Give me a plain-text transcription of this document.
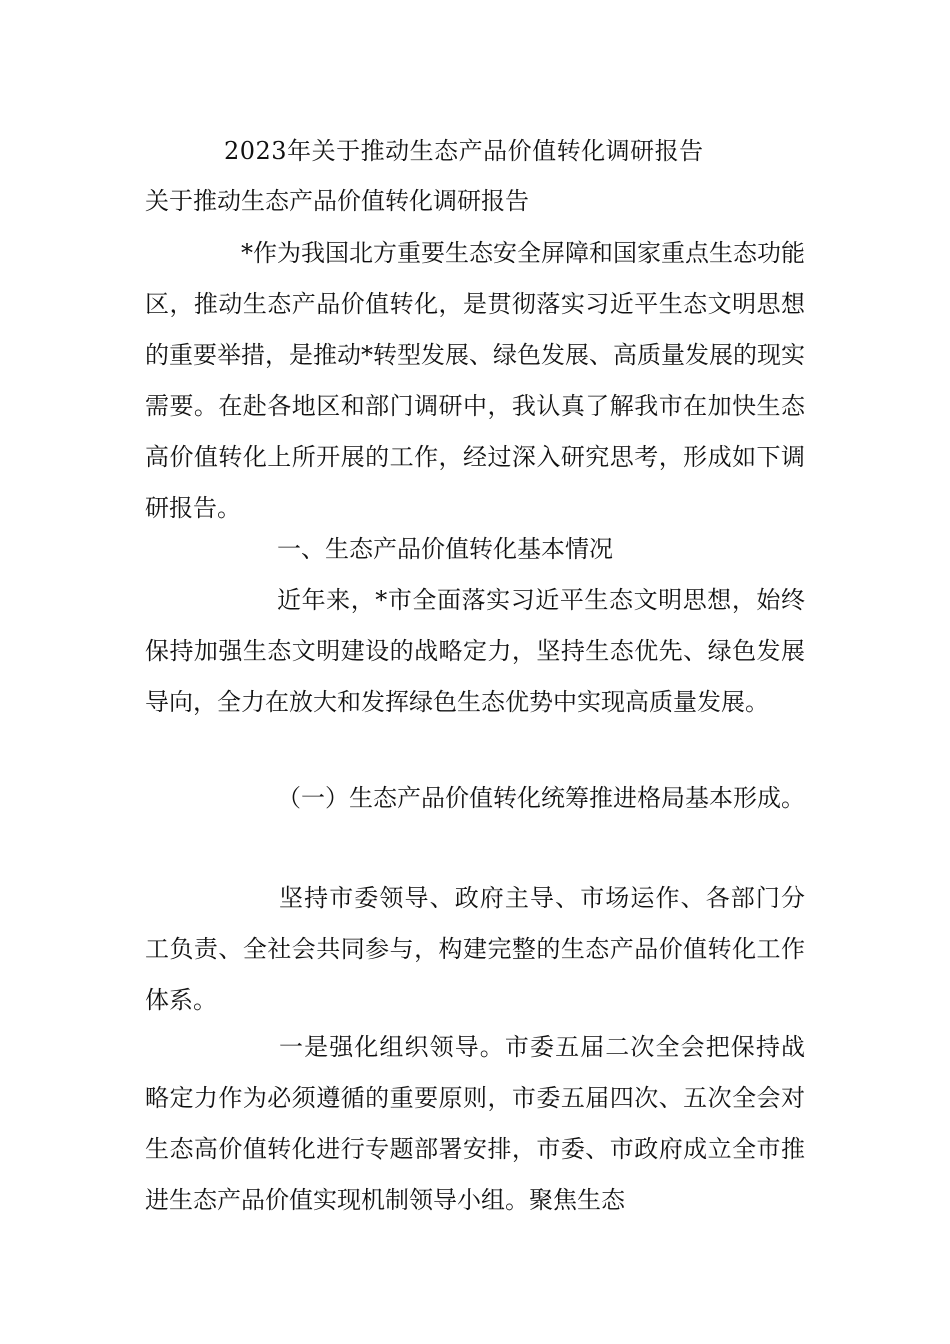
2023年关于推动生态产品价值转化调研报告
关于推动生态产品价值转化调研报告

*作为我国北方重要生态安全屏障和国家重点生态功能区，推动生态产品价值转化，是贯彻落实习近平生态文明思想的重要举措，是推动*转型发展、绿色发展、高质量发展的现实需要。在赴各地区和部门调研中，我认真了解我市在加快生态高价值转化上所开展的工作，经过深入研究思考，形成如下调研报告。

一、生态产品价值转化基本情况

近年来，*市全面落实习近平生态文明思想，始终保持加强生态文明建设的战略定力，坚持生态优先、绿色发展导向，全力在放大和发挥绿色生态优势中实现高质量发展。

（一）生态产品价值转化统筹推进格局基本形成。

坚持市委领导、政府主导、市场运作、各部门分工负责、全社会共同参与，构建完整的生态产品价值转化工作体系。

一是强化组织领导。市委五届二次全会把保持战略定力作为必须遵循的重要原则，市委五届四次、五次全会对生态高价值转化进行专题部署安排，市委、市政府成立全市推进生态产品价值实现机制领导小组。聚焦生态
